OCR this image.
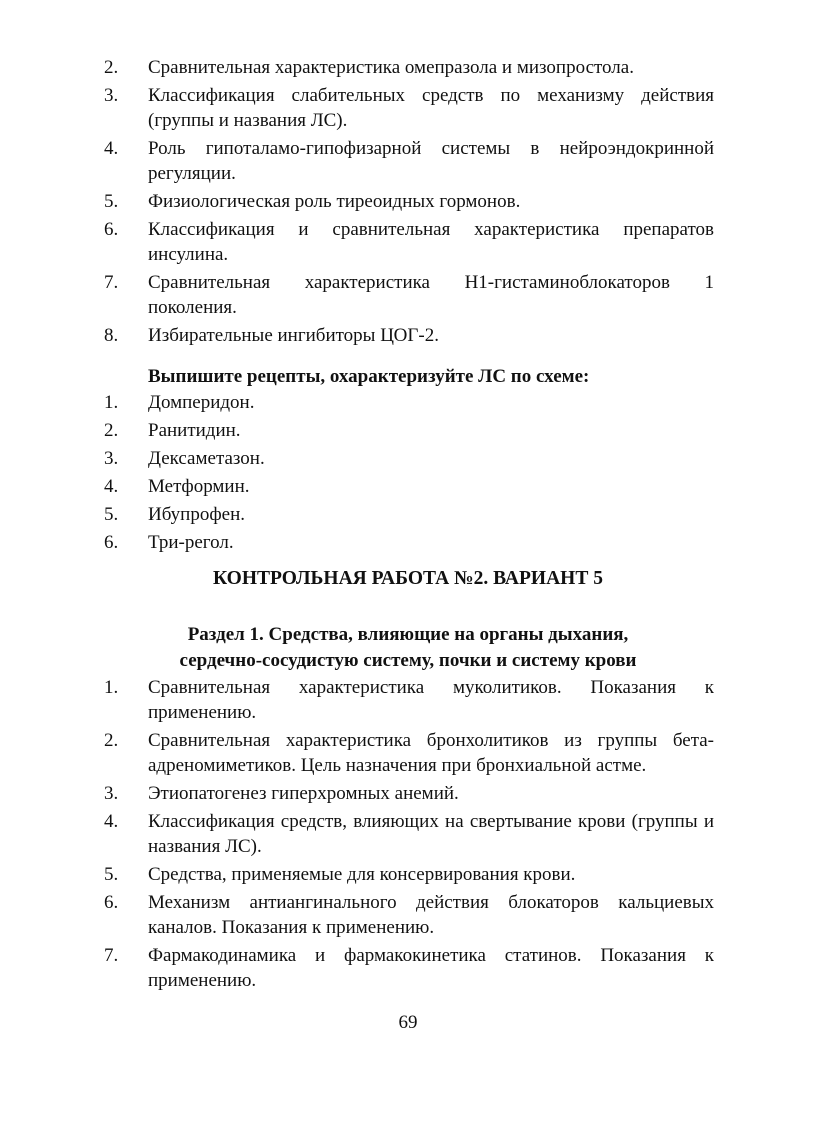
2.	Сравнительная характеристика омепразола и мизопростола.
3.	Классификация слабительных средств по механизму действия (группы и названия ЛС).
4.	Роль гипоталамо-гипофизарной системы в нейроэндокринной регуляции.
5.	Физиологическая роль тиреоидных гормонов.
6.	Классификация и сравнительная характеристика препаратов инсулина.
7.	Сравнительная характеристика Н1-гистаминоблокаторов 1 поколения.
8.	Избирательные ингибиторы ЦОГ-2.
Выпишите рецепты, охарактеризуйте ЛС по схеме:
1.	Домперидон.
2.	Ранитидин.
3.	Дексаметазон.
4.	Метформин.
5.	Ибупрофен.
6.	Три-регол.
КОНТРОЛЬНАЯ РАБОТА №2. ВАРИАНТ 5
Раздел 1. Средства, влияющие на органы дыхания,
сердечно-сосудистую систему, почки и систему крови
1.	Сравнительная характеристика муколитиков. Показания к применению.
2.	Сравнительная характеристика бронхолитиков из группы бета-адреномиметиков. Цель назначения при бронхиальной астме.
3.	Этиопатогенез гиперхромных анемий.
4.	Классификация средств, влияющих на свертывание крови (группы и названия ЛС).
5.	Средства, применяемые для консервирования крови.
6.	Механизм антиангинального действия блокаторов кальциевых каналов. Показания к применению.
7.	Фармакодинамика и фармакокинетика статинов. Показания к применению.
69
